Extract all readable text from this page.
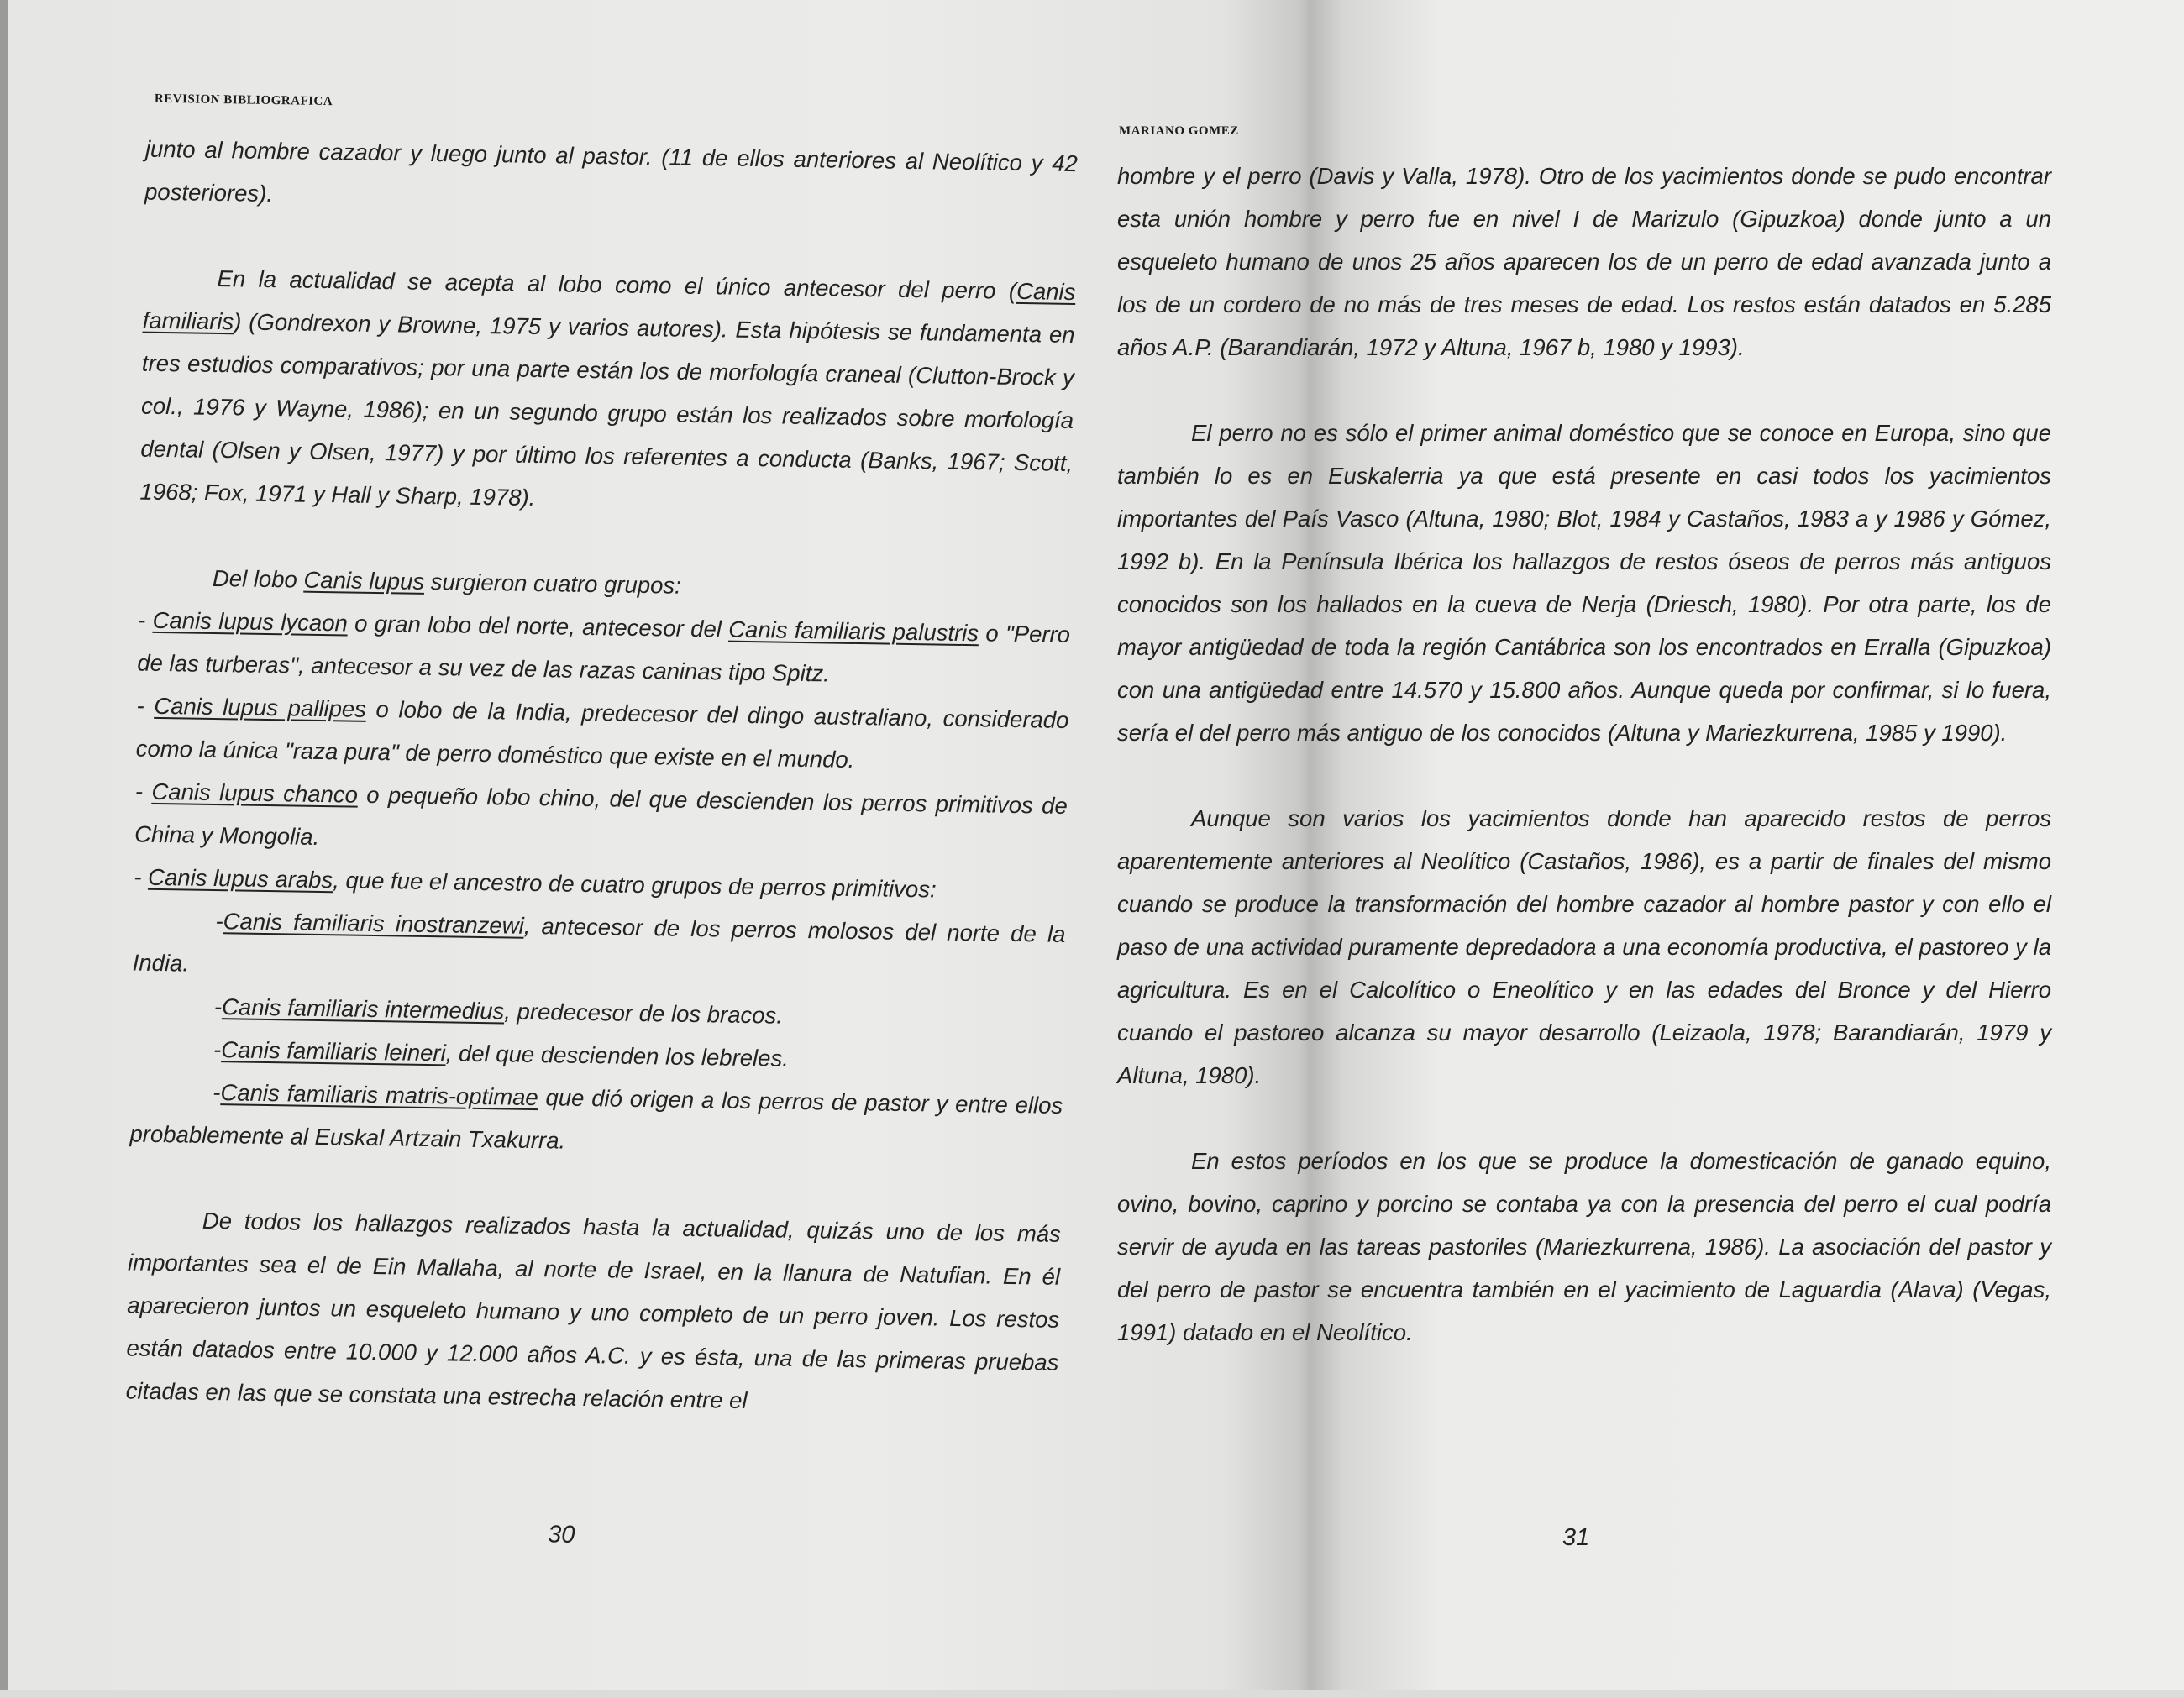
REVISION BIBLIOGRAFICA

junto al hombre cazador y luego junto al pastor. (11 de ellos anteriores al Neolítico y 42 posteriores).

En la actualidad se acepta al lobo como el único antecesor del perro (Canis familiaris) (Gondrexon y Browne, 1975 y varios autores). Esta hipótesis se fundamenta en tres estudios comparativos; por una parte están los de morfología craneal (Clutton-Brock y col., 1976 y Wayne, 1986); en un segundo grupo están los realizados sobre morfología dental (Olsen y Olsen, 1977) y por último los referentes a conducta (Banks, 1967; Scott, 1968; Fox, 1971 y Hall y Sharp, 1978).

Del lobo Canis lupus surgieron cuatro grupos:

- Canis lupus lycaon o gran lobo del norte, antecesor del Canis familiaris palustris o "Perro de las turberas", antecesor a su vez de las razas caninas tipo Spitz.

- Canis lupus pallipes o lobo de la India, predecesor del dingo australiano, considerado como la única "raza pura" de perro doméstico que existe en el mundo.

- Canis lupus chanco o pequeño lobo chino, del que descienden los perros primitivos de China y Mongolia.

- Canis lupus arabs, que fue el ancestro de cuatro grupos de perros primitivos:

-Canis familiaris inostranzewi, antecesor de los perros molosos del norte de la India.

-Canis familiaris intermedius, predecesor de los bracos.

-Canis familiaris leineri, del que descienden los lebreles.

-Canis familiaris matris-optimae que dió origen a los perros de pastor y entre ellos probablemente al Euskal Artzain Txakurra.

De todos los hallazgos realizados hasta la actualidad, quizás uno de los más importantes sea el de Ein Mallaha, al norte de Israel, en la llanura de Natufian. En él aparecieron juntos un esqueleto humano y uno completo de un perro joven. Los restos están datados entre 10.000 y 12.000 años A.C. y es ésta, una de las primeras pruebas citadas en las que se constata una estrecha relación entre el

30
MARIANO GOMEZ

hombre y el perro (Davis y Valla, 1978). Otro de los yacimientos donde se pudo encontrar esta unión hombre y perro fue en nivel I de Marizulo (Gipuzkoa) donde junto a un esqueleto humano de unos 25 años aparecen los de un perro de edad avanzada junto a los de un cordero de no más de tres meses de edad. Los restos están datados en 5.285 años A.P. (Barandiarán, 1972 y Altuna, 1967 b, 1980 y 1993).

El perro no es sólo el primer animal doméstico que se conoce en Europa, sino que también lo es en Euskalerria ya que está presente en casi todos los yacimientos importantes del País Vasco (Altuna, 1980; Blot, 1984 y Castaños, 1983 a y 1986 y Gómez, 1992 b). En la Península Ibérica los hallazgos de restos óseos de perros más antiguos conocidos son los hallados en la cueva de Nerja (Driesch, 1980). Por otra parte, los de mayor antigüedad de toda la región Cantábrica son los encontrados en Erralla (Gipuzkoa) con una antigüedad entre 14.570 y 15.800 años. Aunque queda por confirmar, si lo fuera, sería el del perro más antiguo de los conocidos (Altuna y Mariezkurrena, 1985 y 1990).

Aunque son varios los yacimientos donde han aparecido restos de perros aparentemente anteriores al Neolítico (Castaños, 1986), es a partir de finales del mismo cuando se produce la transformación del hombre cazador al hombre pastor y con ello el paso de una actividad puramente depredadora a una economía productiva, el pastoreo y la agricultura. Es en el Calcolítico o Eneolítico y en las edades del Bronce y del Hierro cuando el pastoreo alcanza su mayor desarrollo (Leizaola, 1978; Barandiarán, 1979 y Altuna, 1980).

En estos períodos en los que se produce la domesticación de ganado equino, ovino, bovino, caprino y porcino se contaba ya con la presencia del perro el cual podría servir de ayuda en las tareas pastoriles (Mariezkurrena, 1986). La asociación del pastor y del perro de pastor se encuentra también en el yacimiento de Laguardia (Alava) (Vegas, 1991) datado en el Neolítico.

31
